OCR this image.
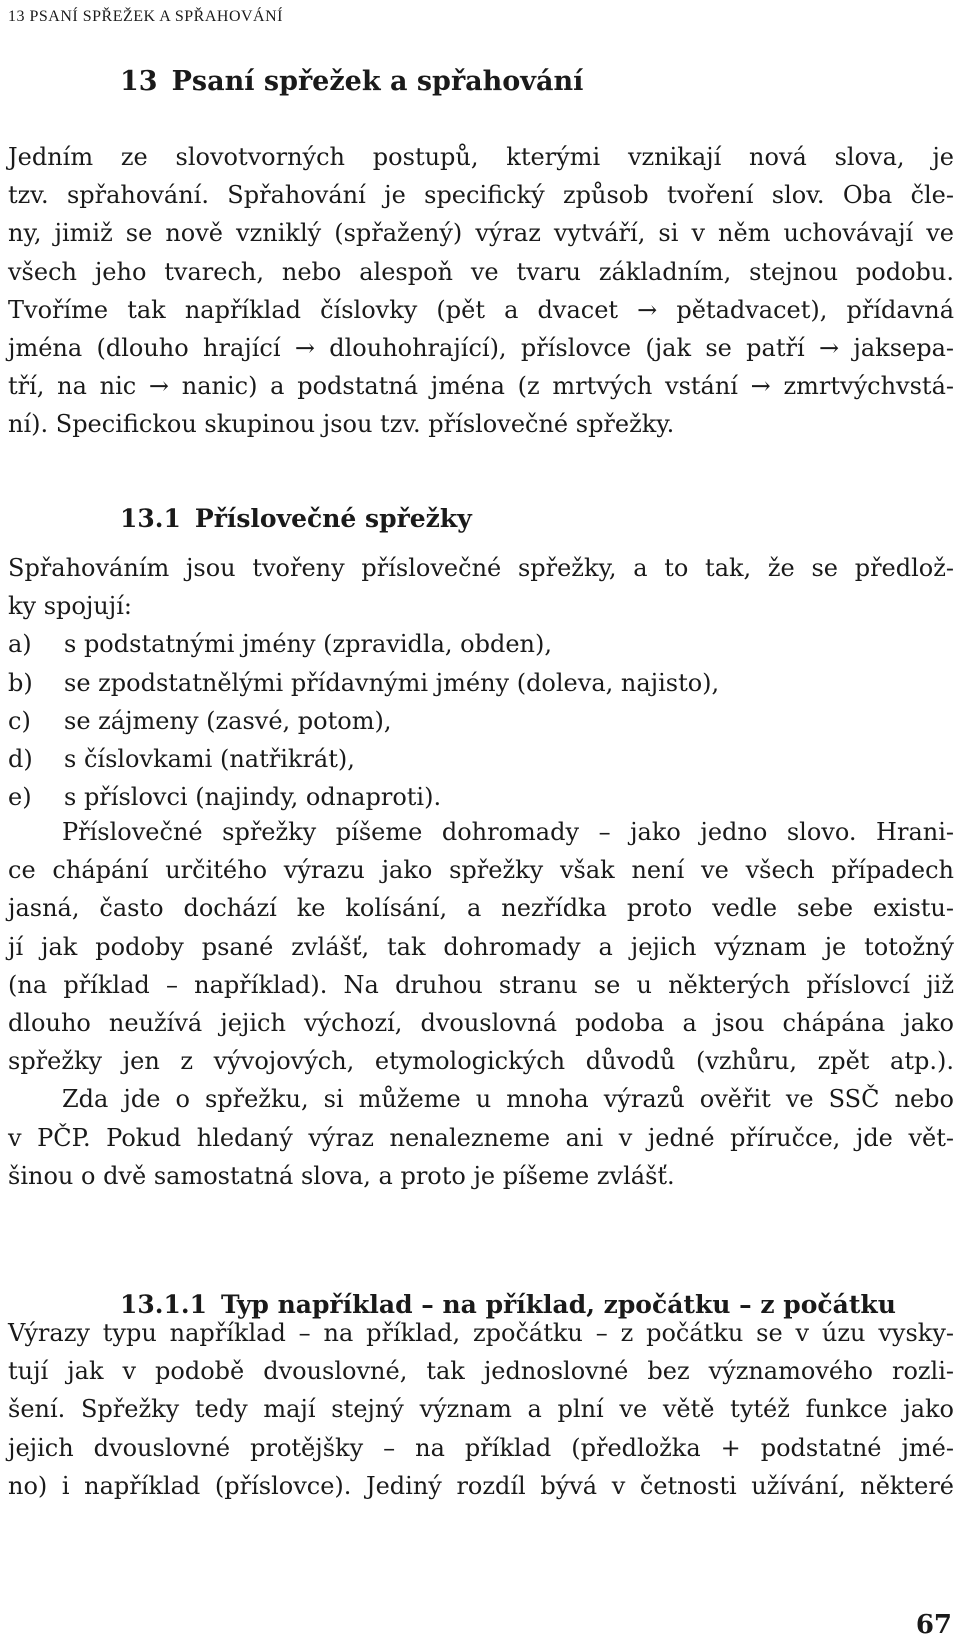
13 PSANÍ SPŘEŽEK A SPŘAHOVÁNÍ
13 Psaní spřežek a spřahování
Jedním ze slovotvorných postupů, kterými vznikají nová slova, je
tzv. spřahování. Spřahování je specifický způsob tvoření slov. Oba čle-
ny, jimiž se nově vzniklý (spřažený) výraz vytváří, si v něm uchovávají ve
všech jeho tvarech, nebo alespoň ve tvaru základním, stejnou podobu.
Tvoříme tak například číslovky (pět a dvacet → pětadvacet), přídavná
jména (dlouho hrající → dlouhohrající), příslovce (jak se patří → jaksepa-
tří, na nic → nanic) a podstatná jména (z mrtvých vstání → zmrtvýchvstá-
ní). Specifickou skupinou jsou tzv. příslovečné spřežky.
13.1 Příslovečné spřežky
Spřahováním jsou tvořeny příslovečné spřežky, a to tak, že se předlož-
ky spojují:
a) s podstatnými jmény (zpravidla, obden),
b) se zpodstatnělými přídavnými jmény (doleva, najisto),
c) se zájmeny (zasvé, potom),
d) s číslovkami (natřikrát),
e) s příslovci (najindy, odnaproti).
Příslovečné spřežky píšeme dohromady – jako jedno slovo. Hrani-
ce chápání určitého výrazu jako spřežky však není ve všech případech
jasná, často dochází ke kolísání, a nezřídka proto vedle sebe existu-
jí jak podoby psané zvlášť, tak dohromady a jejich význam je totožný
(na příklad – například). Na druhou stranu se u některých příslovcí již
dlouho neužívá jejich výchozí, dvouslovná podoba a jsou chápána jako
spřežky jen z vývojových, etymologických důvodů (vzhůru, zpět atp.).
Zda jde o spřežku, si můžeme u mnoha výrazů ověřit ve SSČ nebo
v PČP. Pokud hledaný výraz nenalezneme ani v jedné příručce, jde vět-
šinou o dvě samostatná slova, a proto je píšeme zvlášť.
13.1.1 Typ například – na příklad, zpočátku – z počátku
Výrazy typu například – na příklad, zpočátku – z počátku se v úzu vysky-
tují jak v podobě dvouslovné, tak jednoslovné bez významového rozli-
šení. Spřežky tedy mají stejný význam a plní ve větě tytéž funkce jako
jejich dvouslovné protějšky – na příklad (předložka + podstatné jmé-
no) i například (příslovce). Jediný rozdíl bývá v četnosti užívání, některé
67
